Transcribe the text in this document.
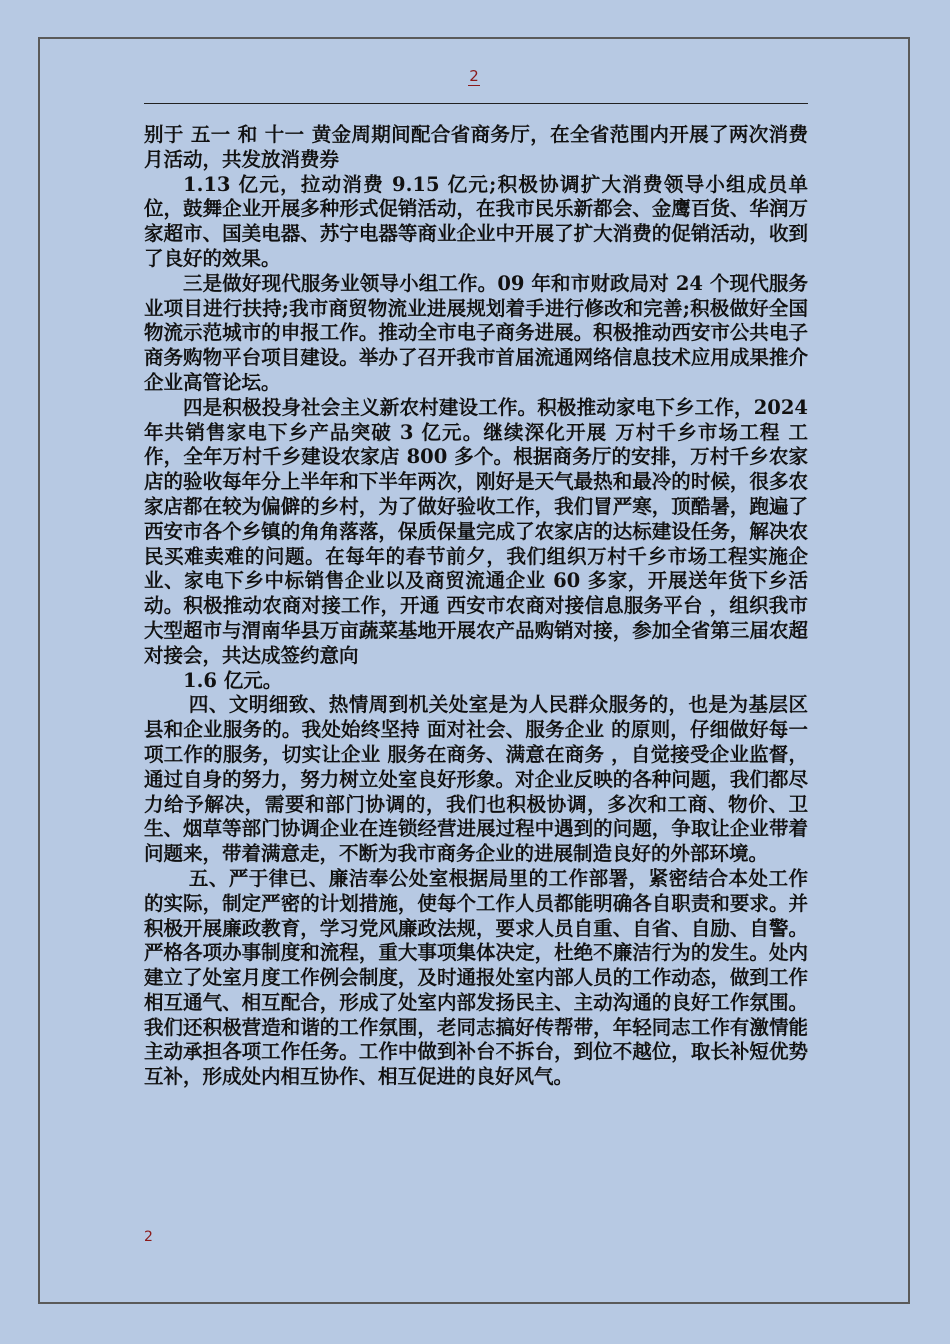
2

别于 五一 和 十一 黄金周期间配合省商务厅，在全省范围内开展了两次消费月活动，共发放消费券

1.13 亿元，拉动消费 9.15 亿元;积极协调扩大消费领导小组成员单位，鼓舞企业开展多种形式促销活动，在我市民乐新都会、金鹰百货、华润万家超市、国美电器、苏宁电器等商业企业中开展了扩大消费的促销活动，收到了良好的效果。

三是做好现代服务业领导小组工作。09 年和市财政局对 24 个现代服务业项目进行扶持;我市商贸物流业进展规划着手进行修改和完善;积极做好全国物流示范城市的申报工作。推动全市电子商务进展。积极推动西安市公共电子商务购物平台项目建设。举办了召开我市首届流通网络信息技术应用成果推介企业高管论坛。

四是积极投身社会主义新农村建设工作。积极推动家电下乡工作，2024 年共销售家电下乡产品突破 3 亿元。继续深化开展 万村千乡市场工程 工作，全年万村千乡建设农家店 800 多个。根据商务厅的安排，万村千乡农家店的验收每年分上半年和下半年两次，刚好是天气最热和最冷的时候，很多农家店都在较为偏僻的乡村，为了做好验收工作，我们冒严寒，顶酷暑，跑遍了西安市各个乡镇的角角落落，保质保量完成了农家店的达标建设任务，解决农民买难卖难的问题。在每年的春节前夕，我们组织万村千乡市场工程实施企业、家电下乡中标销售企业以及商贸流通企业 60 多家，开展送年货下乡活动。积极推动农商对接工作，开通 西安市农商对接信息服务平台 ，组织我市大型超市与渭南华县万亩蔬菜基地开展农产品购销对接，参加全省第三届农超对接会，共达成签约意向

1.6 亿元。

四、文明细致、热情周到机关处室是为人民群众服务的，也是为基层区县和企业服务的。我处始终坚持 面对社会、服务企业 的原则，仔细做好每一项工作的服务，切实让企业 服务在商务、满意在商务 ，自觉接受企业监督，通过自身的努力，努力树立处室良好形象。对企业反映的各种问题，我们都尽力给予解决，需要和部门协调的，我们也积极协调，多次和工商、物价、卫生、烟草等部门协调企业在连锁经营进展过程中遇到的问题，争取让企业带着问题来，带着满意走，不断为我市商务企业的进展制造良好的外部环境。

五、严于律已、廉洁奉公处室根据局里的工作部署，紧密结合本处工作的实际，制定严密的计划措施，使每个工作人员都能明确各自职责和要求。并积极开展廉政教育，学习党风廉政法规，要求人员自重、自省、自励、自警。严格各项办事制度和流程，重大事项集体决定，杜绝不廉洁行为的发生。处内建立了处室月度工作例会制度，及时通报处室内部人员的工作动态，做到工作相互通气、相互配合，形成了处室内部发扬民主、主动沟通的良好工作氛围。我们还积极营造和谐的工作氛围，老同志搞好传帮带，年轻同志工作有激情能主动承担各项工作任务。工作中做到补台不拆台，到位不越位，取长补短优势互补，形成处内相互协作、相互促进的良好风气。

2
